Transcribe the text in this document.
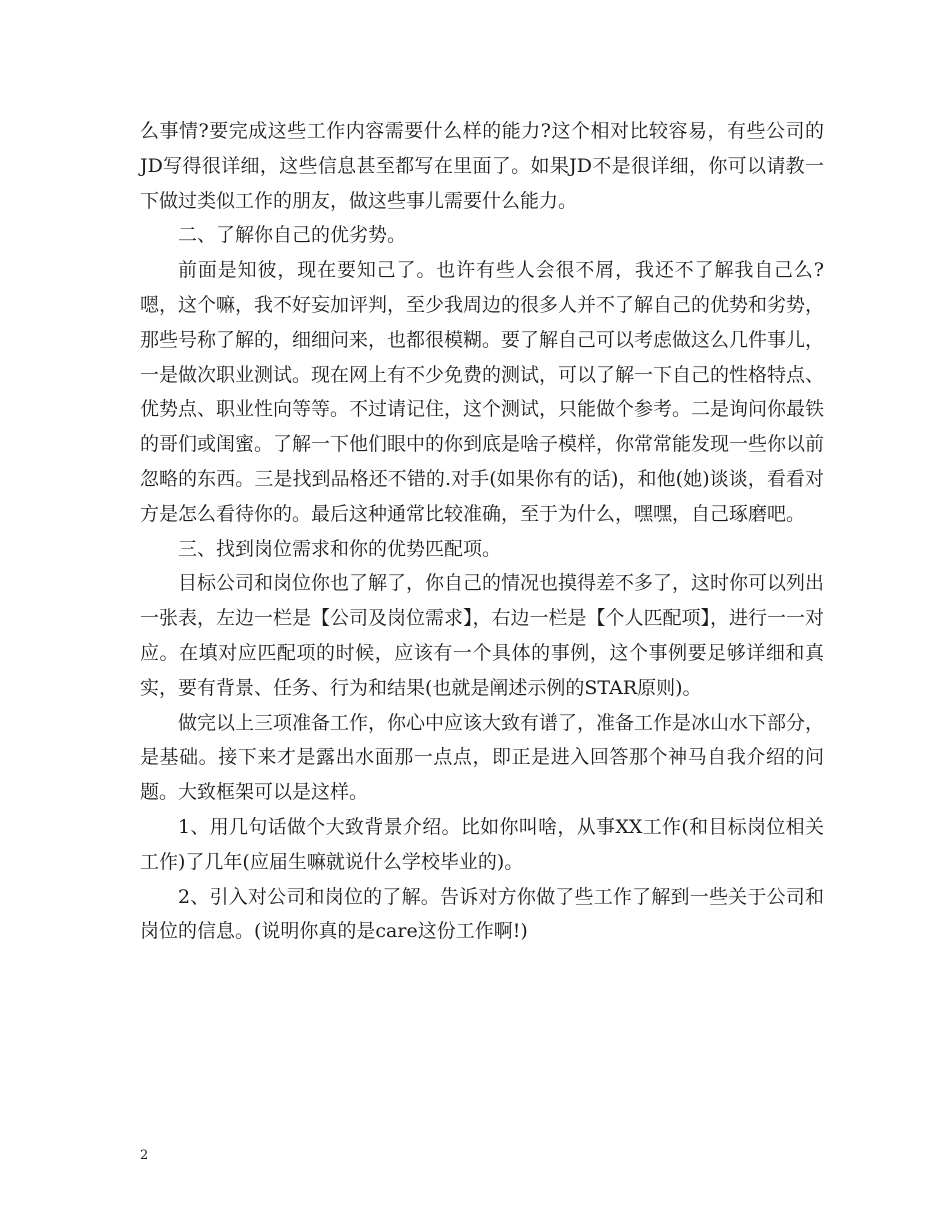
么事情?要完成这些工作内容需要什么样的能力?这个相对比较容易，有些公司的JD写得很详细，这些信息甚至都写在里面了。如果JD不是很详细，你可以请教一下做过类似工作的朋友，做这些事儿需要什么能力。

二、了解你自己的优劣势。

前面是知彼，现在要知己了。也许有些人会很不屑，我还不了解我自己么?嗯，这个嘛，我不好妄加评判，至少我周边的很多人并不了解自己的优势和劣势，那些号称了解的，细细问来，也都很模糊。要了解自己可以考虑做这么几件事儿，一是做次职业测试。现在网上有不少免费的测试，可以了解一下自己的性格特点、优势点、职业性向等等。不过请记住，这个测试，只能做个参考。二是询问你最铁的哥们或闺蜜。了解一下他们眼中的你到底是啥子模样，你常常能发现一些你以前忽略的东西。三是找到品格还不错的.对手(如果你有的话)，和他(她)谈谈，看看对方是怎么看待你的。最后这种通常比较准确，至于为什么，嘿嘿，自己琢磨吧。

三、找到岗位需求和你的优势匹配项。

目标公司和岗位你也了解了，你自己的情况也摸得差不多了，这时你可以列出一张表，左边一栏是【公司及岗位需求】，右边一栏是【个人匹配项】，进行一一对应。在填对应匹配项的时候，应该有一个具体的事例，这个事例要足够详细和真实，要有背景、任务、行为和结果(也就是阐述示例的STAR原则)。

做完以上三项准备工作，你心中应该大致有谱了，准备工作是冰山水下部分，是基础。接下来才是露出水面那一点点，即正是进入回答那个神马自我介绍的问题。大致框架可以是这样。

1、用几句话做个大致背景介绍。比如你叫啥，从事XX工作(和目标岗位相关工作)了几年(应届生嘛就说什么学校毕业的)。

2、引入对公司和岗位的了解。告诉对方你做了些工作了解到一些关于公司和岗位的信息。(说明你真的是care这份工作啊!)

2
